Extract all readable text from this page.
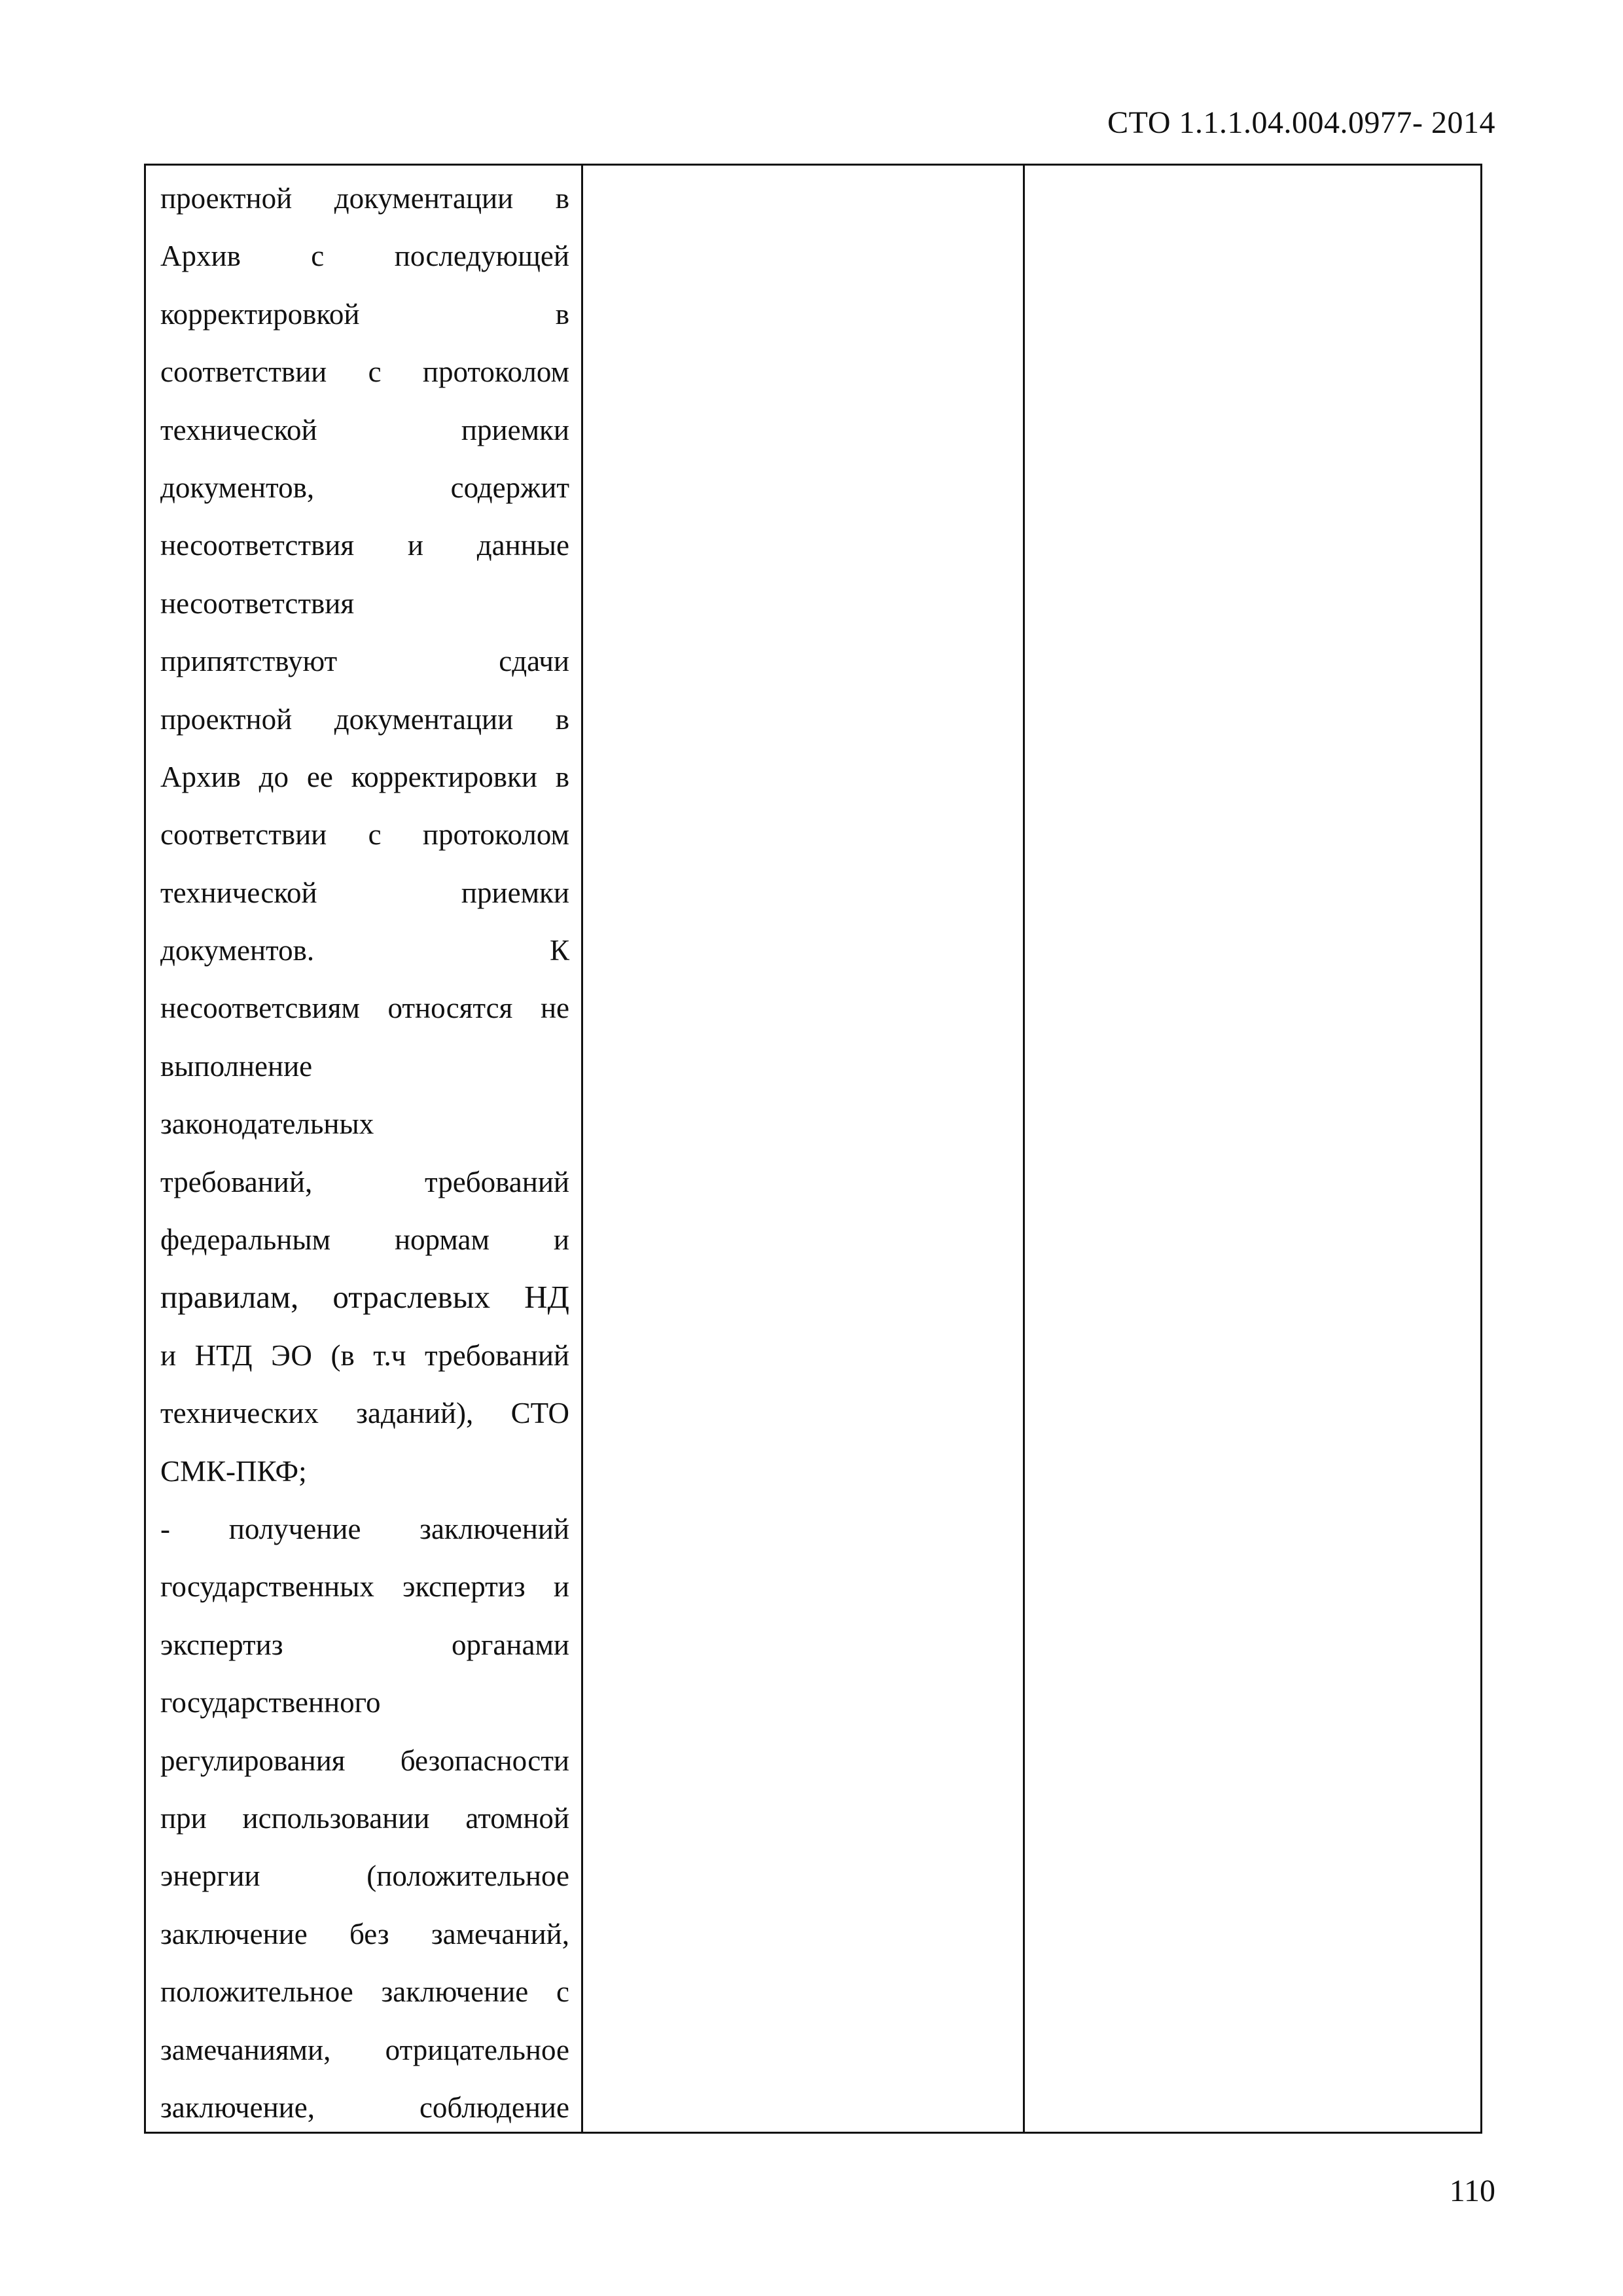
СТО 1.1.1.04.004.0977- 2014
проектной документации в
Архив с последующей
корректировкой в
соответствии с протоколом
технической приемки
документов, содержит
несоответствия и данные
несоответствия
припятствуют сдачи
проектной документации в
Архив до ее корректировки в
соответствии с протоколом
технической приемки
документов. К
несоответсвиям относятся не
выполнение
законодательных
требований, требований
федеральным нормам и
правилам, отраслевых НД
и НТД ЭО (в т.ч требований
технических заданий), СТО
СМК-ПКФ;
- получение заключений
государственных экспертиз и
экспертиз органами
государственного
регулирования безопасности
при использовании атомной
энергии (положительное
заключение без замечаний,
положительное заключение с
замечаниями, отрицательное
заключение, соблюдение
110
